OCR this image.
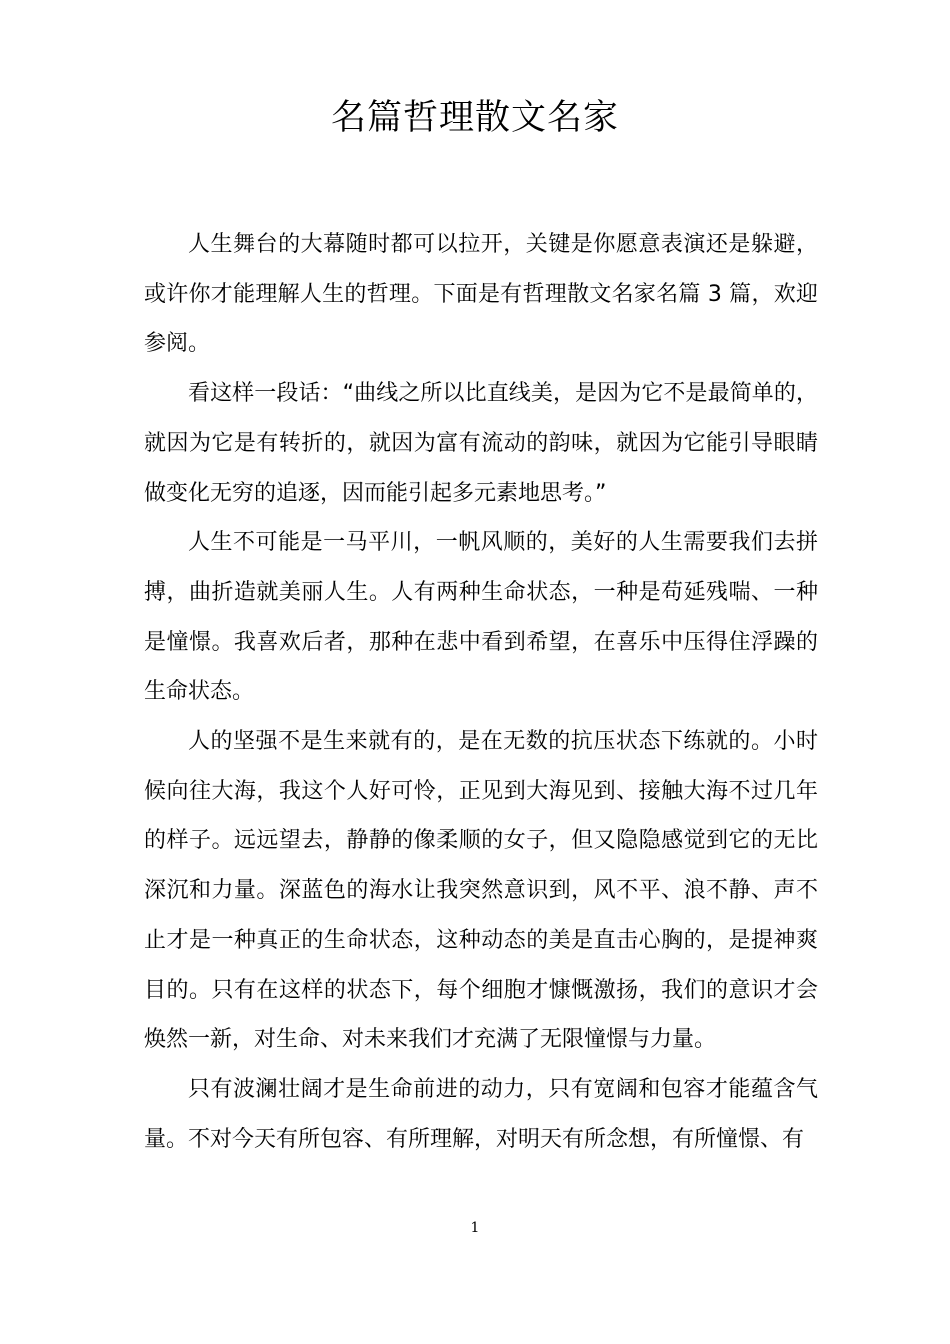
名篇哲理散文名家

人生舞台的大幕随时都可以拉开，关键是你愿意表演还是躲避，或许你才能理解人生的哲理。下面是有哲理散文名家名篇 3 篇，欢迎参阅。

看这样一段话：“曲线之所以比直线美，是因为它不是最简单的，就因为它是有转折的，就因为富有流动的韵味，就因为它能引导眼睛做变化无穷的追逐，因而能引起多元素地思考。”

人生不可能是一马平川，一帆风顺的，美好的人生需要我们去拼搏，曲折造就美丽人生。人有两种生命状态，一种是苟延残喘、一种是憧憬。我喜欢后者，那种在悲中看到希望，在喜乐中压得住浮躁的生命状态。

人的坚强不是生来就有的，是在无数的抗压状态下练就的。小时候向往大海，我这个人好可怜，正见到大海见到、接触大海不过几年的样子。远远望去，静静的像柔顺的女子，但又隐隐感觉到它的无比深沉和力量。深蓝色的海水让我突然意识到，风不平、浪不静、声不止才是一种真正的生命状态，这种动态的美是直击心胸的，是提神爽目的。只有在这样的状态下，每个细胞才慷慨激扬，我们的意识才会焕然一新，对生命、对未来我们才充满了无限憧憬与力量。

只有波澜壮阔才是生命前进的动力，只有宽阔和包容才能蕴含气量。不对今天有所包容、有所理解，对明天有所念想，有所憧憬、有

1
